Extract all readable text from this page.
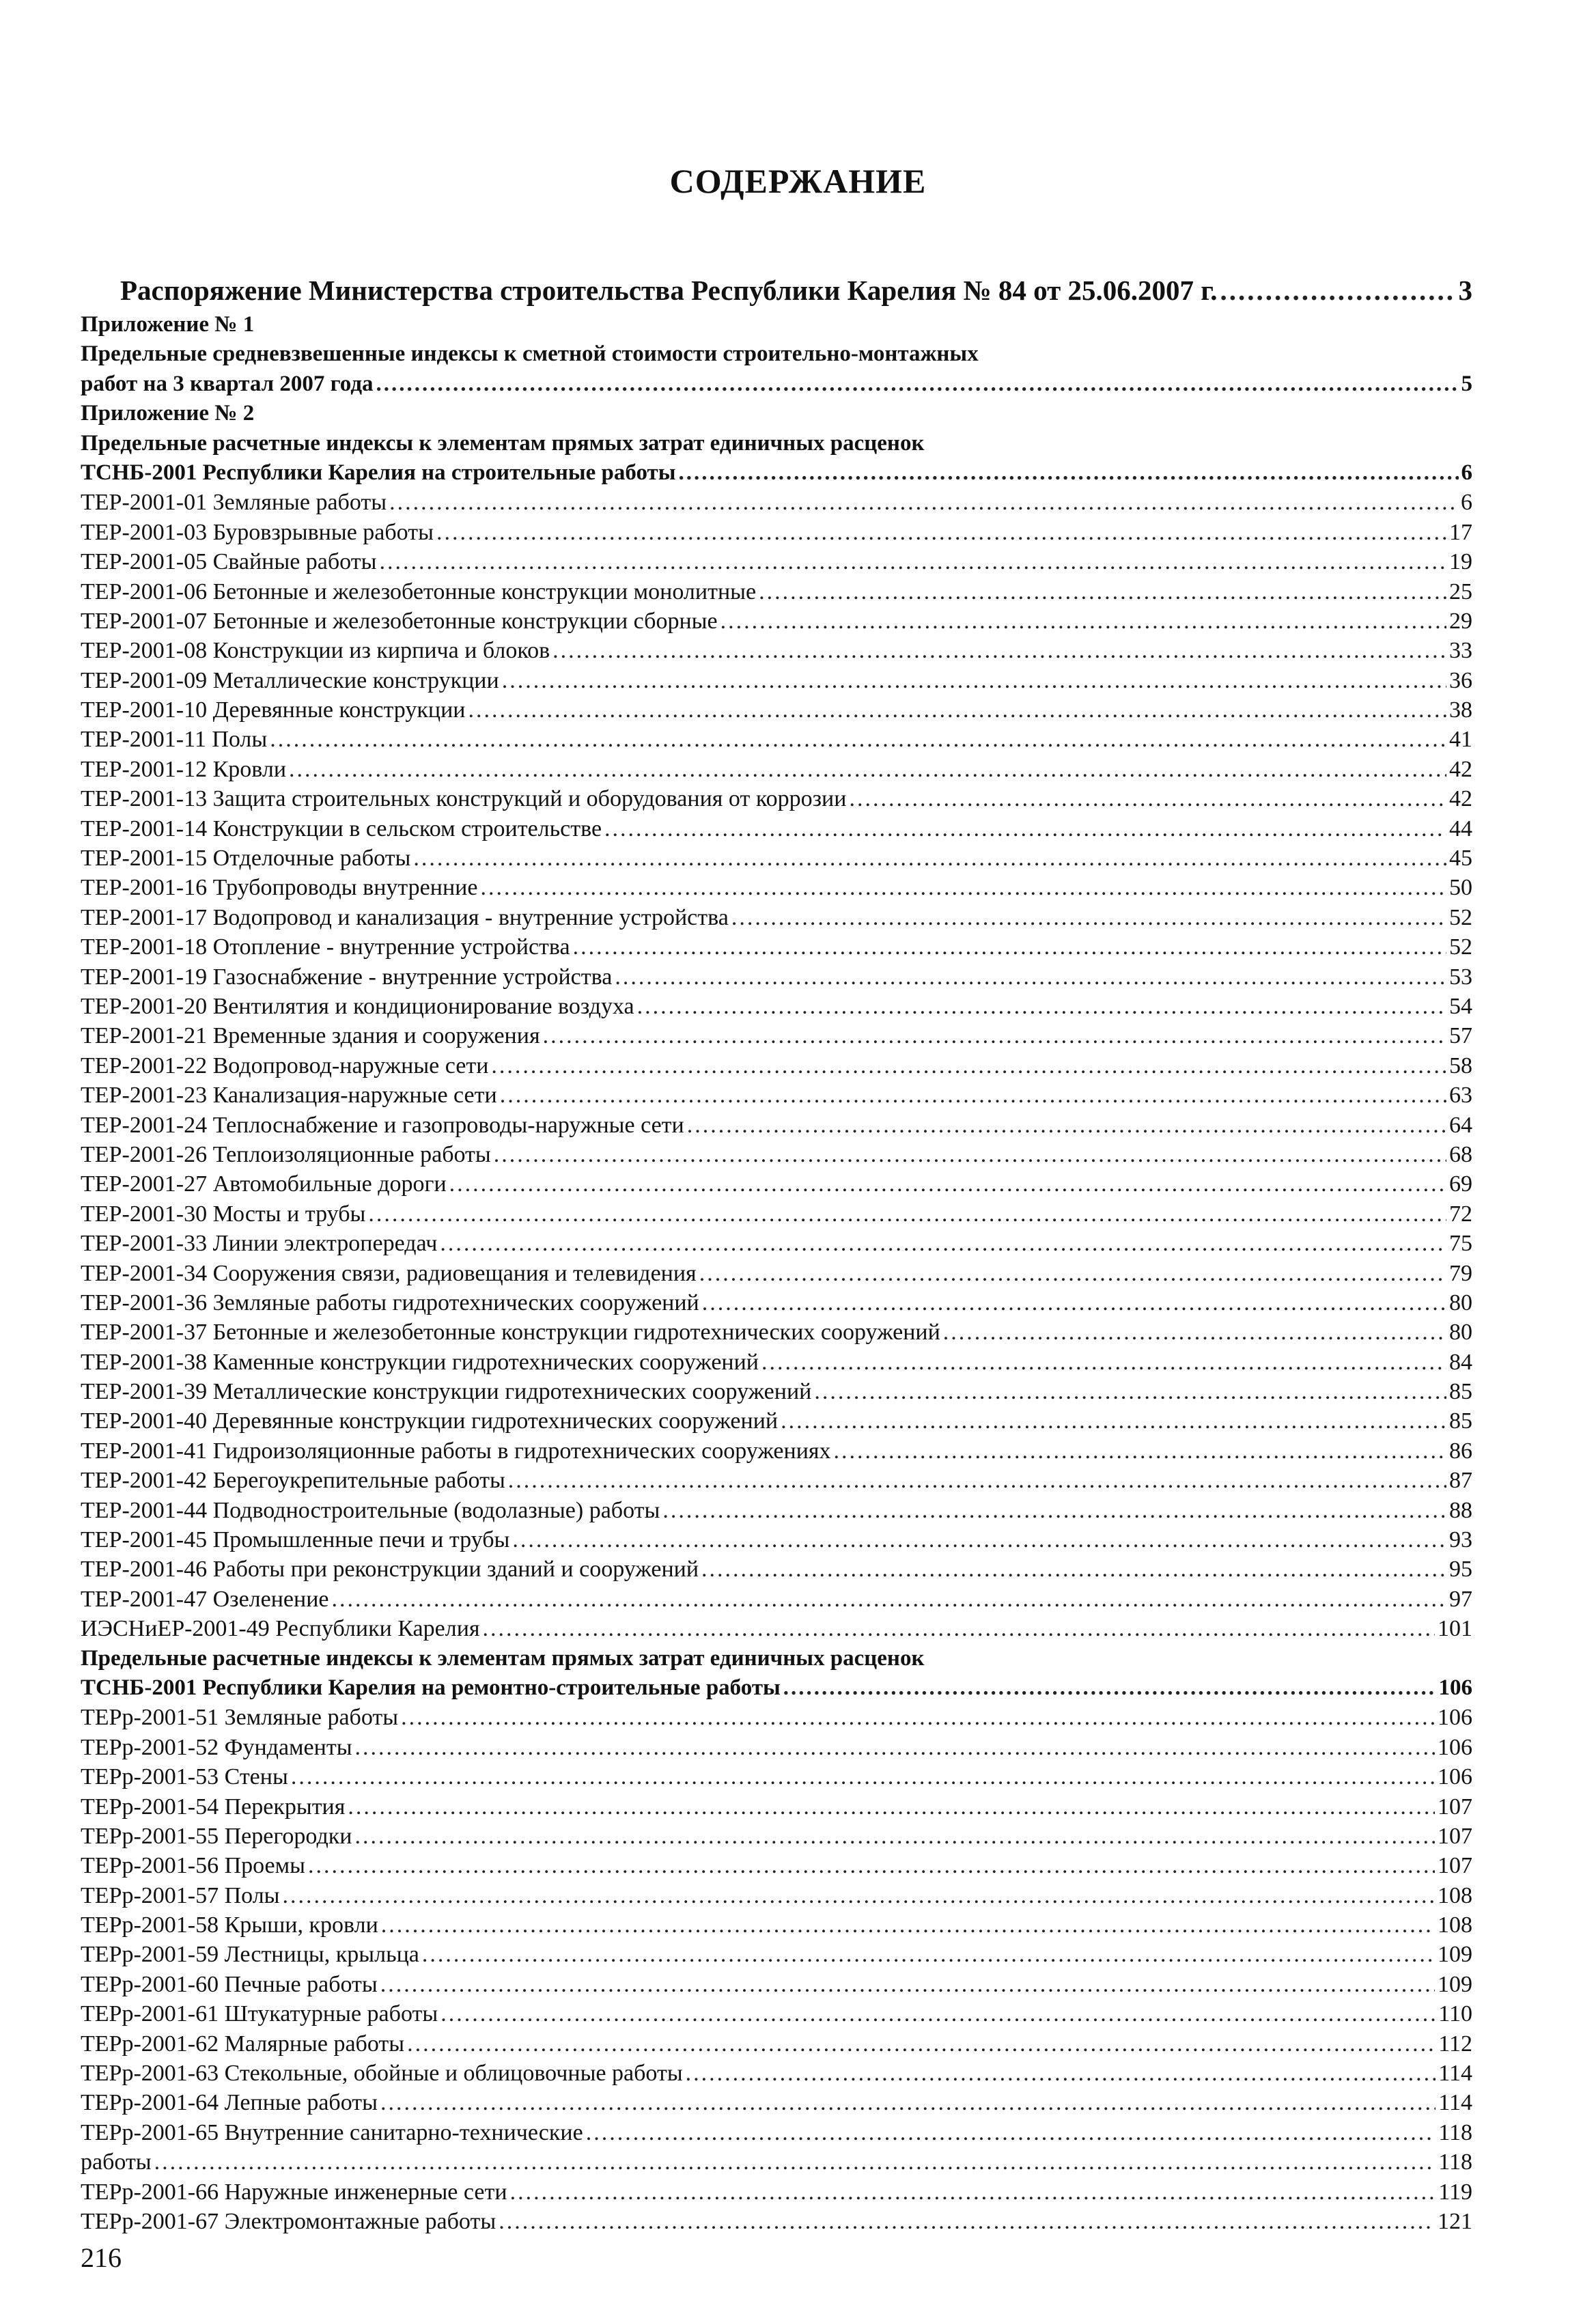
СОДЕРЖАНИЕ
Распоряжение Министерства строительства Республики Карелия № 84 от 25.06.2007 г. .....	3
Приложение № 1
Предельные средневзвешенные индексы к сметной стоимости строительно-монтажных
работ на 3 квартал 2007 года .....	5
Приложение № 2
Предельные расчетные индексы к элементам прямых затрат единичных расценок
ТСНБ-2001 Республики Карелия на строительные работы .....	6
ТЕР-2001-01 Земляные работы .....	6
ТЕР-2001-03 Буровзрывные работы .....	17
ТЕР-2001-05 Свайные работы .....	19
ТЕР-2001-06 Бетонные и железобетонные конструкции монолитные .....	25
ТЕР-2001-07 Бетонные и железобетонные конструкции сборные .....	29
ТЕР-2001-08 Конструкции из кирпича и блоков .....	33
ТЕР-2001-09 Металлические конструкции .....	36
ТЕР-2001-10 Деревянные конструкции .....	38
ТЕР-2001-11 Полы .....	41
ТЕР-2001-12 Кровли .....	42
ТЕР-2001-13 Защита строительных конструкций и оборудования от коррозии .....	42
ТЕР-2001-14 Конструкции в сельском строительстве .....	44
ТЕР-2001-15 Отделочные работы .....	45
ТЕР-2001-16 Трубопроводы внутренние .....	50
ТЕР-2001-17 Водопровод и канализация - внутренние устройства .....	52
ТЕР-2001-18 Отопление - внутренние устройства .....	52
ТЕР-2001-19 Газоснабжение - внутренние устройства .....	53
ТЕР-2001-20 Вентилятия и кондиционирование воздуха .....	54
ТЕР-2001-21 Временные здания и сооружения .....	57
ТЕР-2001-22 Водопровод-наружные сети .....	58
ТЕР-2001-23 Канализация-наружные сети .....	63
ТЕР-2001-24 Теплоснабжение и газопроводы-наружные сети .....	64
ТЕР-2001-26 Теплоизоляционные работы .....	68
ТЕР-2001-27 Автомобильные дороги .....	69
ТЕР-2001-30 Мосты и трубы .....	72
ТЕР-2001-33 Линии электропередач .....	75
ТЕР-2001-34 Сооружения связи, радиовещания и телевидения .....	79
ТЕР-2001-36 Земляные работы гидротехнических сооружений .....	80
ТЕР-2001-37 Бетонные и железобетонные конструкции гидротехнических сооружений .....	80
ТЕР-2001-38 Каменные конструкции гидротехнических сооружений .....	84
ТЕР-2001-39 Металлические конструкции гидротехнических сооружений .....	85
ТЕР-2001-40 Деревянные конструкции гидротехнических сооружений .....	85
ТЕР-2001-41 Гидроизоляционные работы в гидротехнических сооружениях .....	86
ТЕР-2001-42 Берегоукрепительные работы .....	87
ТЕР-2001-44 Подводностроительные (водолазные) работы .....	88
ТЕР-2001-45 Промышленные печи и трубы .....	93
ТЕР-2001-46 Работы при реконструкции зданий и сооружений .....	95
ТЕР-2001-47 Озеленение .....	97
ИЭСНиЕР-2001-49 Республики Карелия .....	101
Предельные расчетные индексы к элементам прямых затрат единичных расценок
ТСНБ-2001 Республики Карелия на ремонтно-строительные работы .....	106
ТЕРр-2001-51 Земляные работы .....	106
ТЕРр-2001-52 Фундаменты .....	106
ТЕРр-2001-53 Стены .....	106
ТЕРр-2001-54 Перекрытия .....	107
ТЕРр-2001-55 Перегородки .....	107
ТЕРр-2001-56 Проемы .....	107
ТЕРр-2001-57 Полы .....	108
ТЕРр-2001-58 Крыши, кровли .....	108
ТЕРр-2001-59 Лестницы, крыльца .....	109
ТЕРр-2001-60 Печные работы .....	109
ТЕРр-2001-61 Штукатурные работы .....	110
ТЕРр-2001-62 Малярные работы .....	112
ТЕРр-2001-63 Стекольные, обойные и облицовочные работы .....	114
ТЕРр-2001-64 Лепные работы .....	114
ТЕРр-2001-65 Внутренние санитарно-технические .....	118
работы .....	118
ТЕРр-2001-66 Наружные инженерные сети .....	119
ТЕРр-2001-67 Электромонтажные работы .....	121
216
